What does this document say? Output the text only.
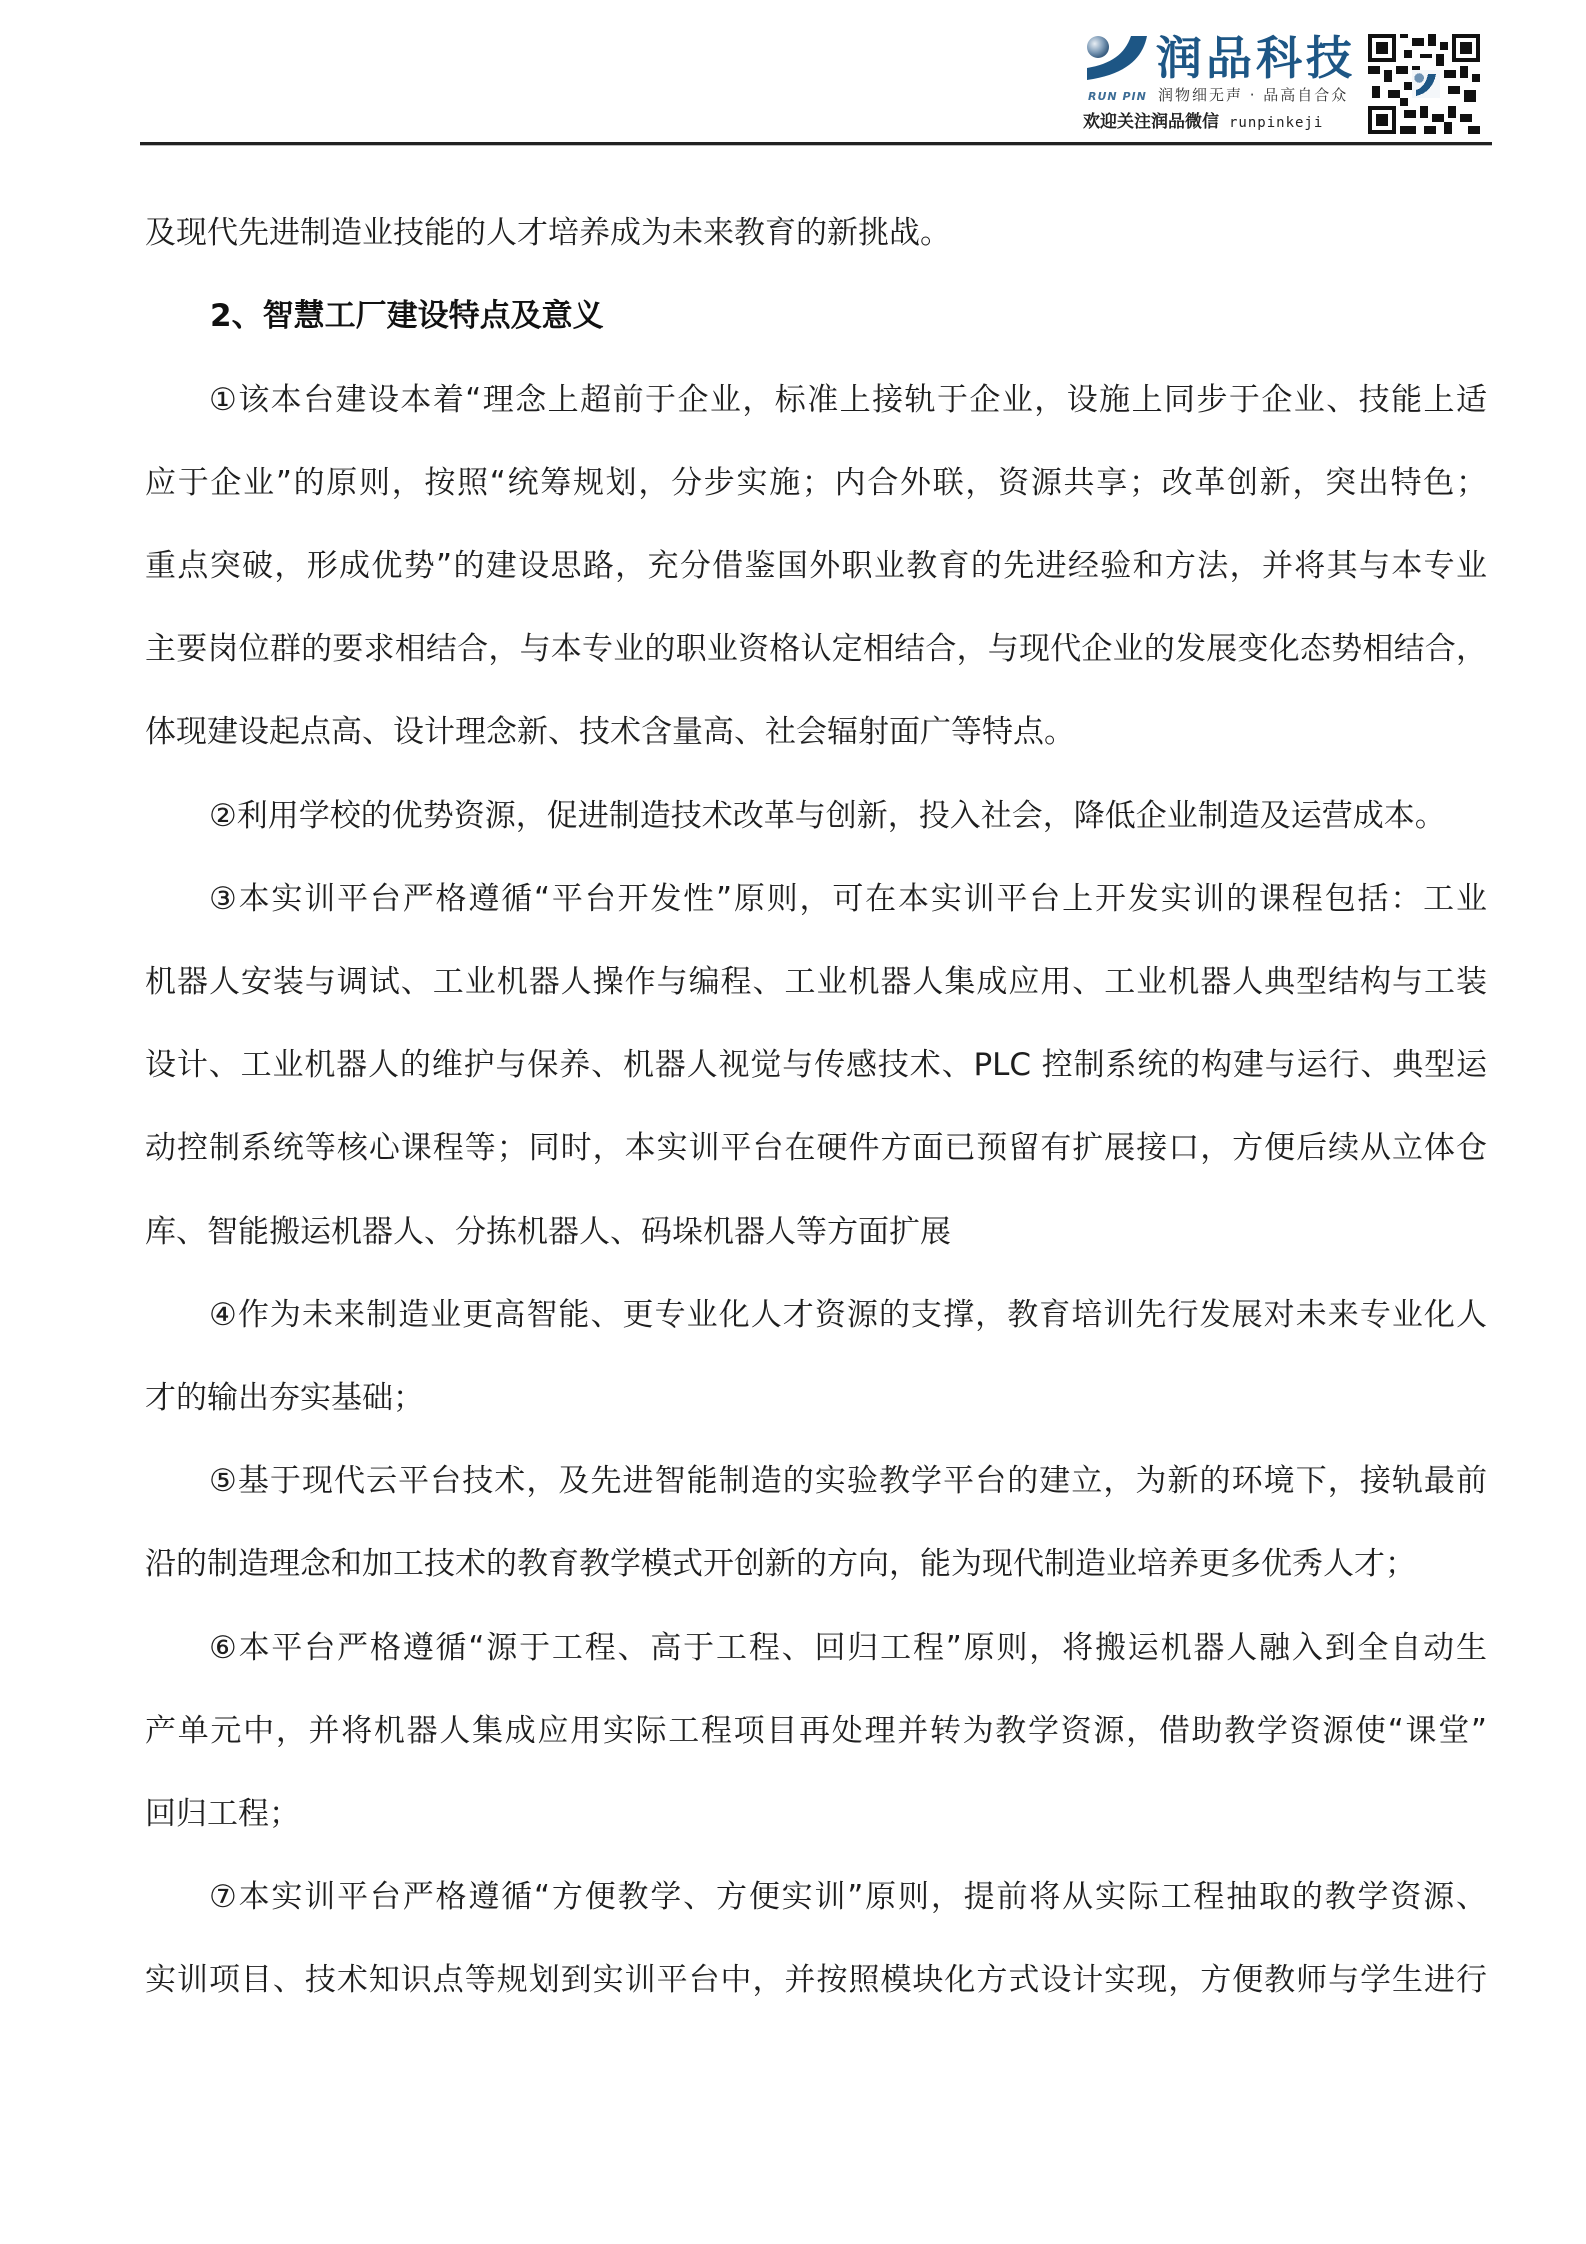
润品科技
RUN PIN 润物细无声 · 品高自合众
欢迎关注润品微信 runpinkeji
及现代先进制造业技能的人才培养成为未来教育的新挑战。
2、智慧工厂建设特点及意义
①该本台建设本着“理念上超前于企业，标准上接轨于企业，设施上同步于企业、技能上适
应于企业”的原则，按照“统筹规划，分步实施；内合外联，资源共享；改革创新，突出特色；
重点突破，形成优势”的建设思路，充分借鉴国外职业教育的先进经验和方法，并将其与本专业
主要岗位群的要求相结合，与本专业的职业资格认定相结合，与现代企业的发展变化态势相结合，
体现建设起点高、设计理念新、技术含量高、社会辐射面广等特点。
②利用学校的优势资源，促进制造技术改革与创新，投入社会，降低企业制造及运营成本。
③本实训平台严格遵循“平台开发性”原则，可在本实训平台上开发实训的课程包括：工业
机器人安装与调试、工业机器人操作与编程、工业机器人集成应用、工业机器人典型结构与工装
设计、工业机器人的维护与保养、机器人视觉与传感技术、PLC 控制系统的构建与运行、典型运
动控制系统等核心课程等；同时，本实训平台在硬件方面已预留有扩展接口，方便后续从立体仓
库、智能搬运机器人、分拣机器人、码垛机器人等方面扩展
④作为未来制造业更高智能、更专业化人才资源的支撑，教育培训先行发展对未来专业化人
才的输出夯实基础；
⑤基于现代云平台技术，及先进智能制造的实验教学平台的建立，为新的环境下，接轨最前
沿的制造理念和加工技术的教育教学模式开创新的方向，能为现代制造业培养更多优秀人才；
⑥本平台严格遵循“源于工程、高于工程、回归工程”原则，将搬运机器人融入到全自动生
产单元中，并将机器人集成应用实际工程项目再处理并转为教学资源，借助教学资源使“课堂”
回归工程；
⑦本实训平台严格遵循“方便教学、方便实训”原则，提前将从实际工程抽取的教学资源、
实训项目、技术知识点等规划到实训平台中，并按照模块化方式设计实现，方便教师与学生进行
